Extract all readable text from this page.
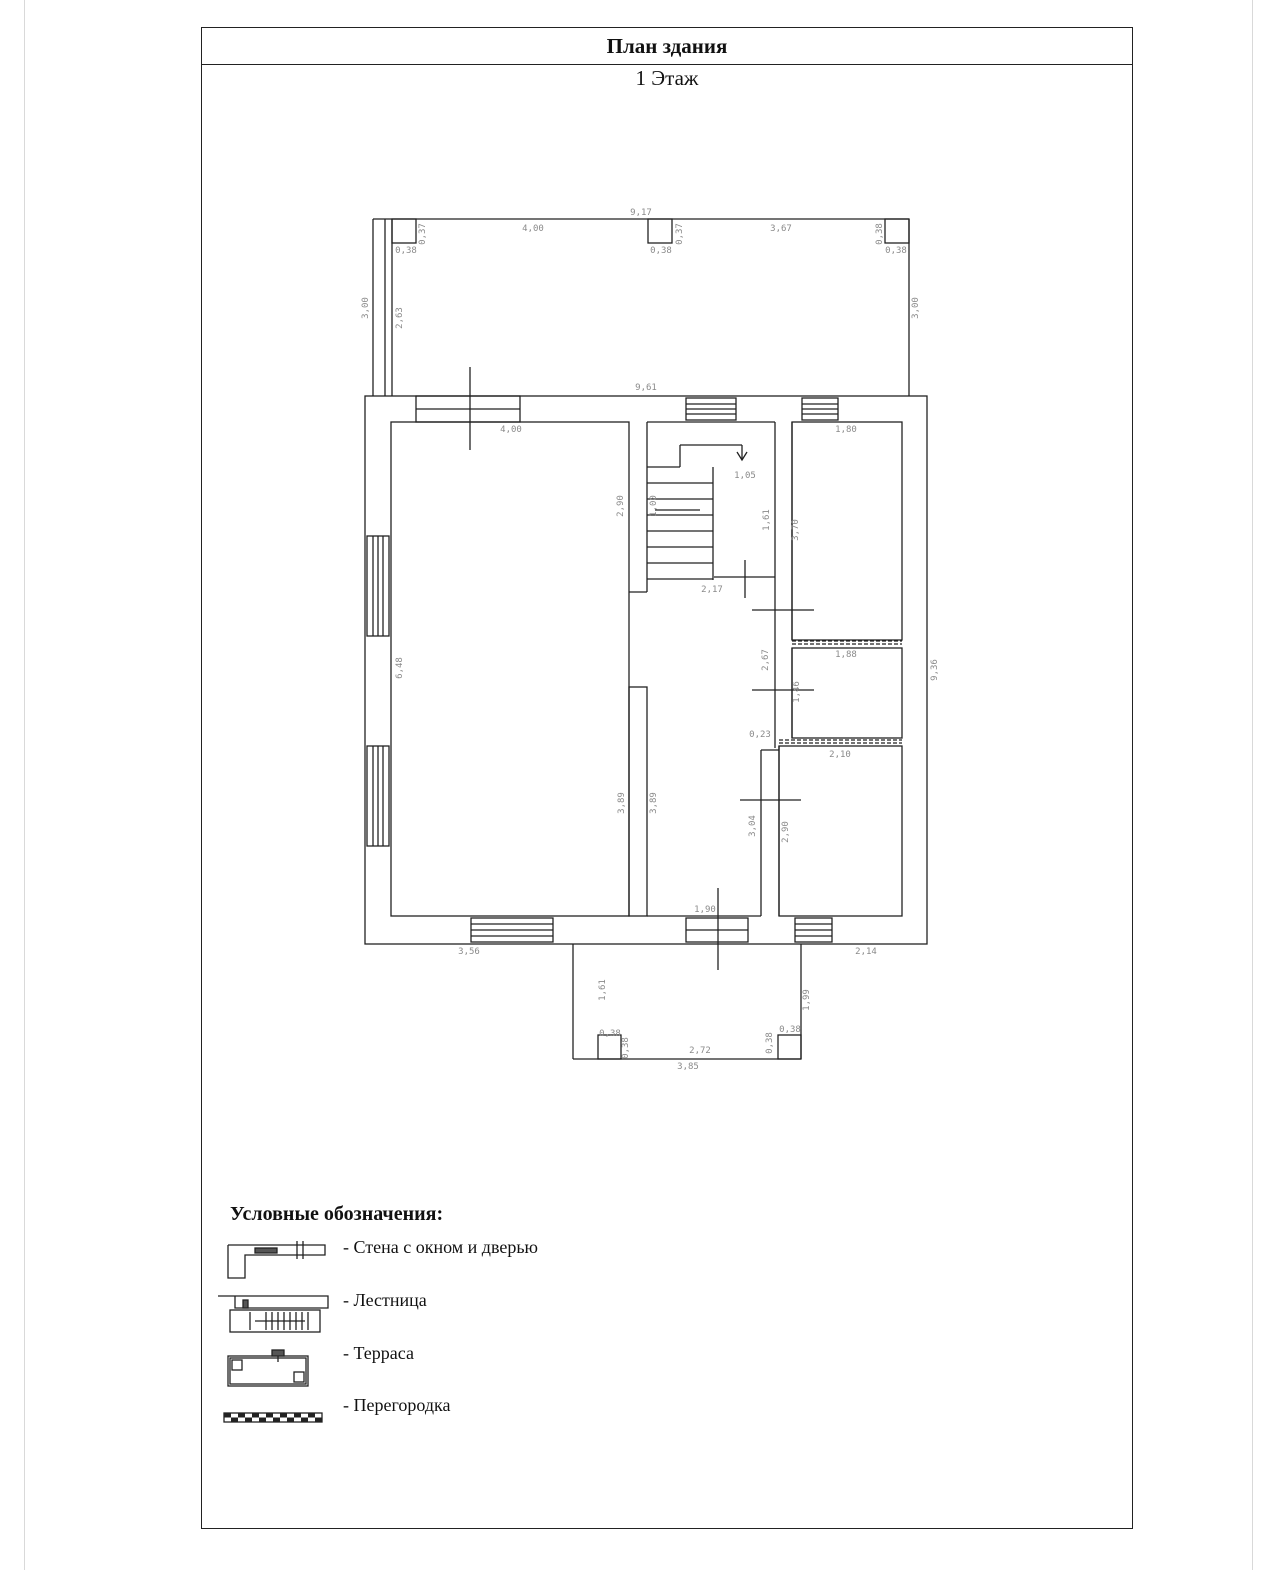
План здания
1 Этаж
9,17
4,00	3,67
0,37
0,38	0,38
0,37
0,38
0,38
3,00	2,63	3,00
9,61
4,00
6,48
2,90	1,00
1,05
1,61
2,17
1,80
3,70
2,67	1,88
1,46
0,23
2,10
2,90
3,04
3,89 3,89
1,90
9,36
3,56	2,14
1,61	1,99
0,38
0,38
0,38
0,38
2,72
3,85
Условные обозначения:
- Стена с окном и дверью
- Лестница
- Терраса
- Перегородка
